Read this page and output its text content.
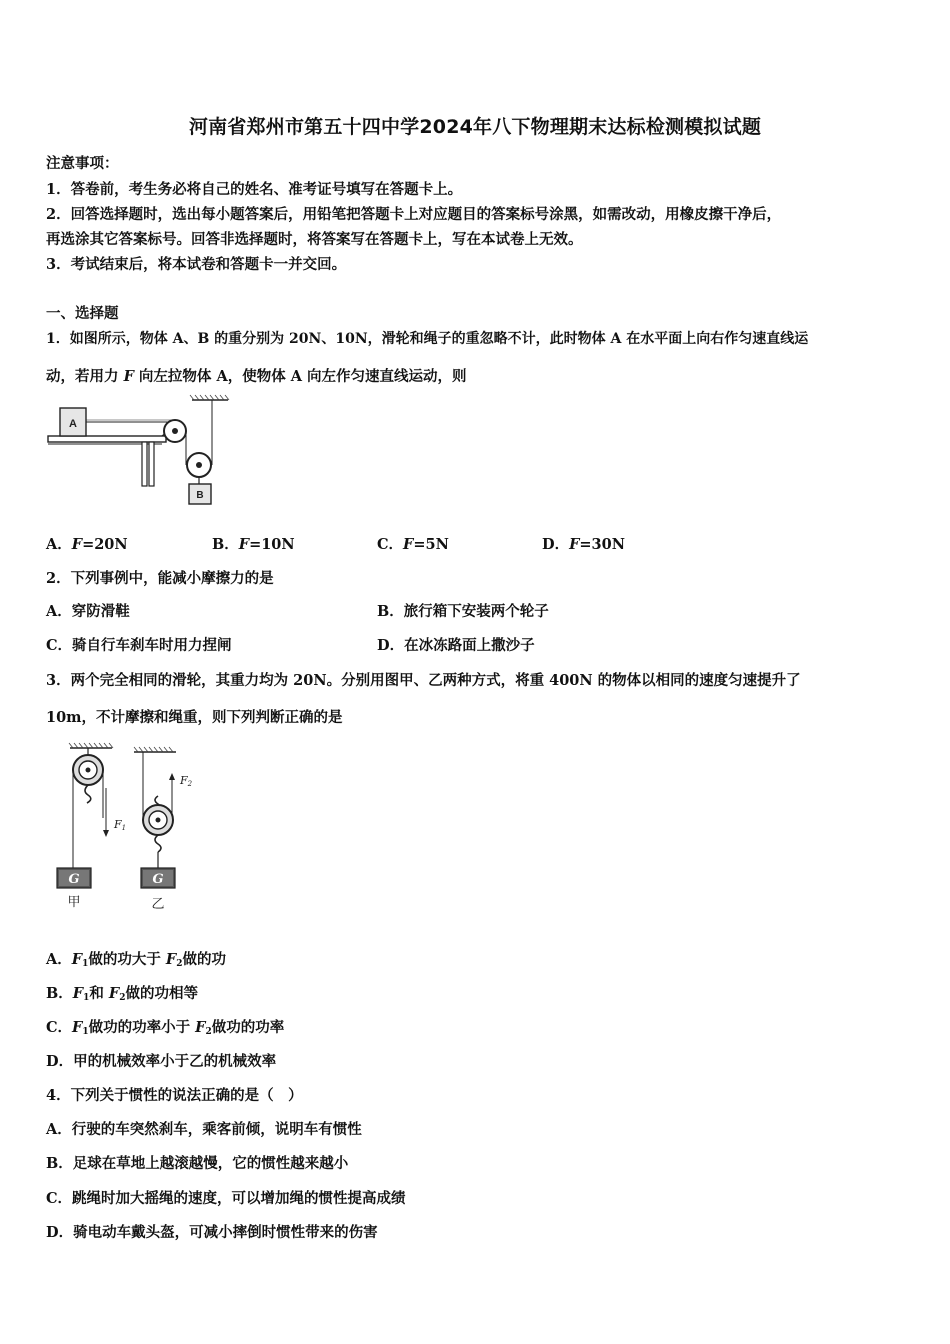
河南省郑州市第五十四中学2024年八下物理期末达标检测模拟试题
注意事项：
1．答卷前，考生务必将自己的姓名、准考证号填写在答题卡上。
2．回答选择题时，选出每小题答案后，用铅笔把答题卡上对应题目的答案标号涂黑，如需改动，用橡皮擦干净后，
再选涂其它答案标号。回答非选择题时，将答案写在答题卡上，写在本试卷上无效。
3．考试结束后，将本试卷和答题卡一并交回。
一、选择题
1．如图所示，物体 A、B 的重分别为 20N、10N，滑轮和绳子的重忽略不计，此时物体 A 在水平面上向右作匀速直线运
动，若用力 F 向左拉物体 A，使物体 A 向左作匀速直线运动，则
A
B
A．F=20N	B．F=10N	C．F=5N	D．F=30N
2．下列事例中，能减小摩擦力的是
A．穿防滑鞋	B．旅行箱下安装两个轮子
C．骑自行车刹车时用力捏闸	D．在冰冻路面上撒沙子
3．两个完全相同的滑轮，其重力均为 20N。分别用图甲、乙两种方式，将重 400N 的物体以相同的速度匀速提升了
10m，不计摩擦和绳重，则下列判断正确的是
F1
G
甲
F2
G
乙
A．$F_1$做的功大于 $F_2$做的功
B．$F_1$和 $F_2$做的功相等
C．$F_1$做功的功率小于 $F_2$做功的功率
D．甲的机械效率小于乙的机械效率
4．下列关于惯性的说法正确的是（　）
A．行驶的车突然刹车，乘客前倾，说明车有惯性
B．足球在草地上越滚越慢，它的惯性越来越小
C．跳绳时加大摇绳的速度，可以增加绳的惯性提高成绩
D．骑电动车戴头盔，可减小摔倒时惯性带来的伤害
